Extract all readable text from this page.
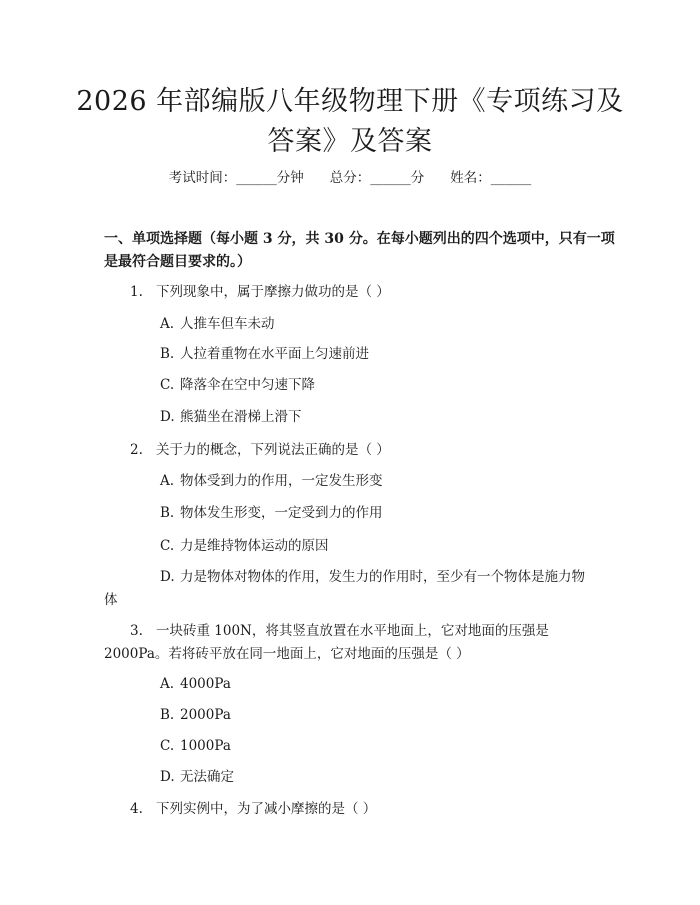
2026 年部编版八年级物理下册《专项练习及
答案》及答案
考试时间：______分钟 总分：______分 姓名：______
一、单项选择题（每小题 3 分，共 30 分。在每小题列出的四个选项中，只有一项
是最符合题目要求的。）
1. 下列现象中，属于摩擦力做功的是（ ）
A. 人推车但车未动
B. 人拉着重物在水平面上匀速前进
C. 降落伞在空中匀速下降
D. 熊猫坐在滑梯上滑下
2. 关于力的概念，下列说法正确的是（ ）
A. 物体受到力的作用，一定发生形变
B. 物体发生形变，一定受到力的作用
C. 力是维持物体运动的原因
D. 力是物体对物体的作用，发生力的作用时，至少有一个物体是施力物
体
3. 一块砖重 100N，将其竖直放置在水平地面上，它对地面的压强是
2000Pa。若将砖平放在同一地面上，它对地面的压强是（ ）
A. 4000Pa
B. 2000Pa
C. 1000Pa
D. 无法确定
4. 下列实例中，为了减小摩擦的是（ ）
